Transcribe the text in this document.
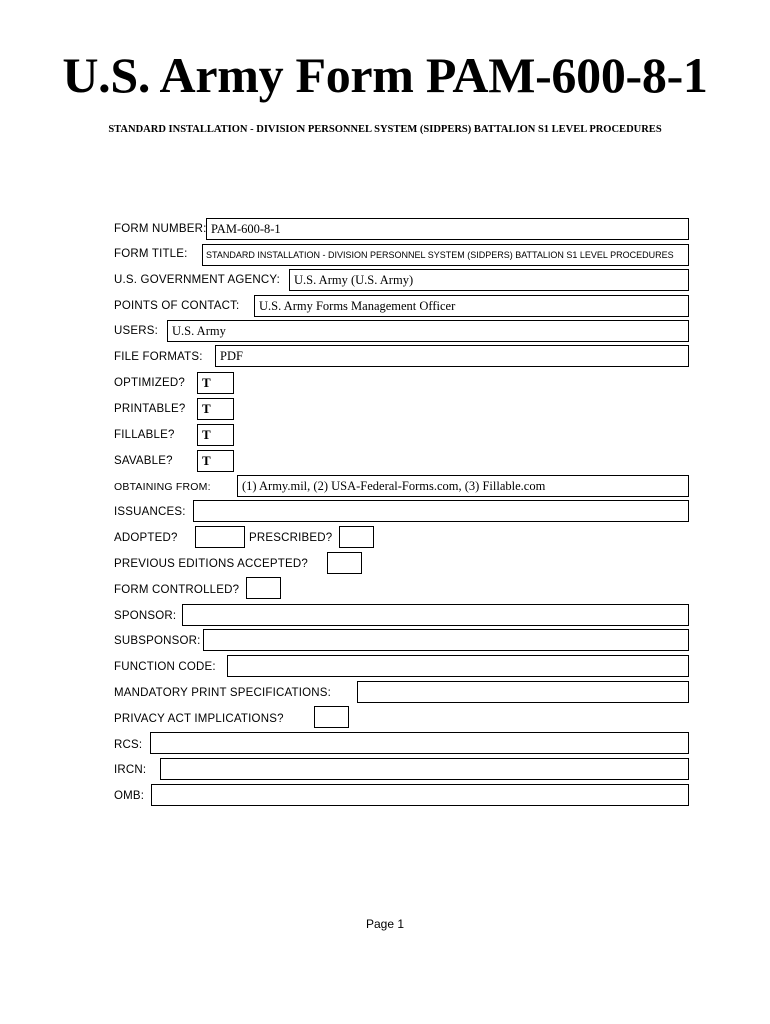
U.S. Army Form PAM-600-8-1
STANDARD INSTALLATION - DIVISION PERSONNEL SYSTEM (SIDPERS) BATTALION S1 LEVEL PROCEDURES
FORM NUMBER: PAM-600-8-1
FORM TITLE:	STANDARD INSTALLATION - DIVISION PERSONNEL SYSTEM (SIDPERS) BATTALION S1 LEVEL PROCEDURES
U.S. GOVERNMENT AGENCY:	U.S. Army (U.S. Army)
POINTS OF CONTACT:	U.S. Army Forms Management Officer
USERS:	U.S. Army
FILE FORMATS:	PDF
OPTIMIZED?	T
PRINTABLE?	T
FILLABLE?	T
SAVABLE?	T
OBTAINING FROM:	(1) Army.mil, (2) USA-Federal-Forms.com, (3) Fillable.com
ISSUANCES:
ADOPTED?	PRESCRIBED?
PREVIOUS EDITIONS ACCEPTED?
FORM CONTROLLED?
SPONSOR:
SUBSPONSOR:
FUNCTION CODE:
MANDATORY PRINT SPECIFICATIONS:
PRIVACY ACT IMPLICATIONS?
RCS:
IRCN:
OMB:
Page 1
